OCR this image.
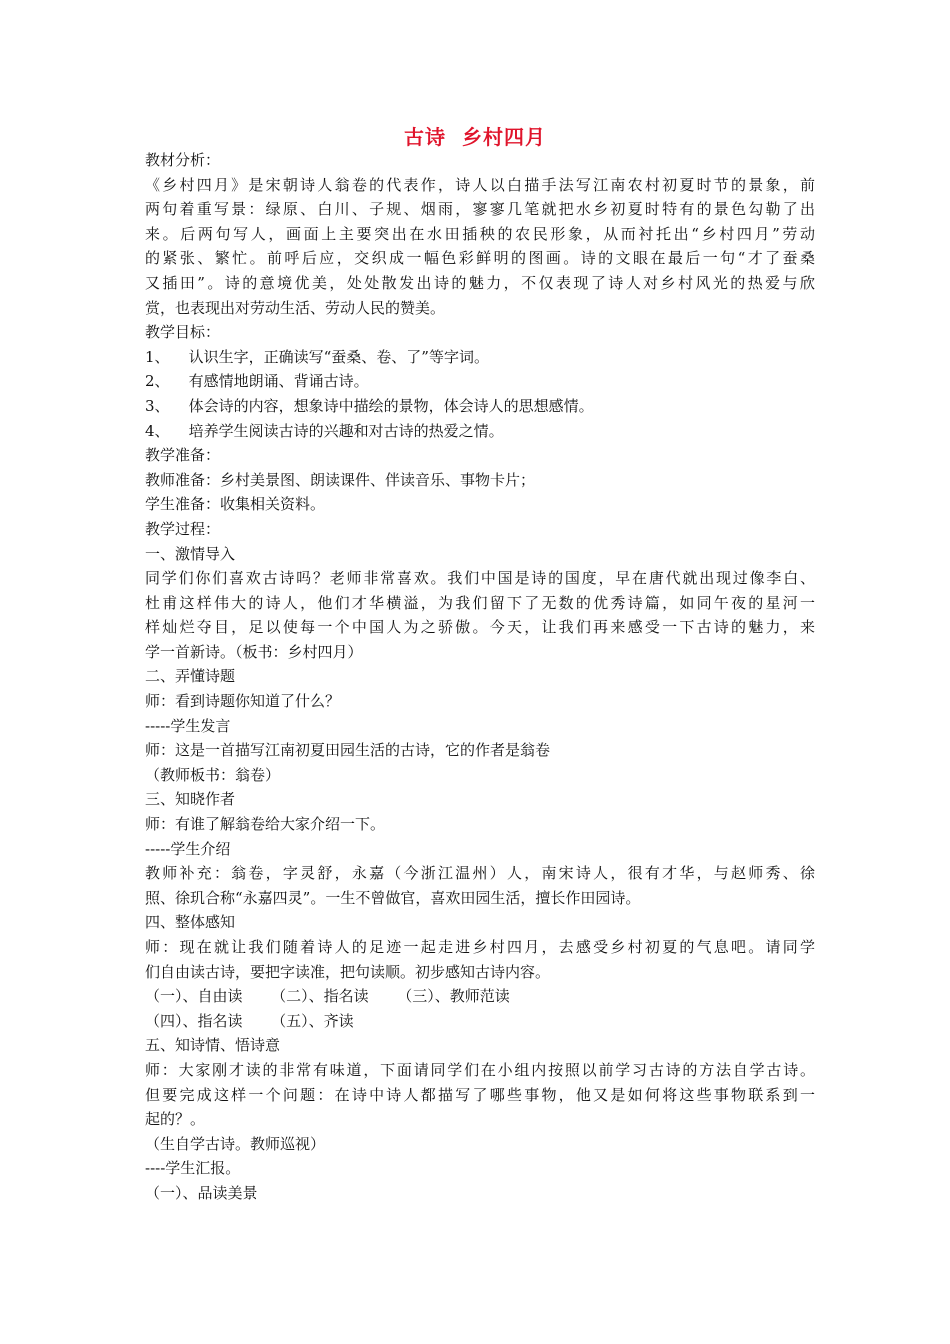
古诗  乡村四月
教材分析：
《乡村四月》是宋朝诗人翁卷的代表作，诗人以白描手法写江南农村初夏时节的景象，前
两句着重写景：绿原、白川、子规、烟雨，寥寥几笔就把水乡初夏时特有的景色勾勒了出
来。后两句写人，画面上主要突出在水田插秧的农民形象，从而衬托出“乡村四月”劳动
的紧张、繁忙。前呼后应，交织成一幅色彩鲜明的图画。诗的文眼在最后一句“才了蚕桑
又插田”。诗的意境优美，处处散发出诗的魅力，不仅表现了诗人对乡村风光的热爱与欣
赏，也表现出对劳动生活、劳动人民的赞美。
教学目标：
1、    认识生字，正确读写“蚕桑、卷、了”等字词。
2、    有感情地朗诵、背诵古诗。
3、    体会诗的内容，想象诗中描绘的景物，体会诗人的思想感情。
4、    培养学生阅读古诗的兴趣和对古诗的热爱之情。
教学准备：
教师准备：乡村美景图、朗读课件、伴读音乐、事物卡片；
学生准备：收集相关资料。
教学过程：
一、激情导入
同学们你们喜欢古诗吗？老师非常喜欢。我们中国是诗的国度，早在唐代就出现过像李白、
杜甫这样伟大的诗人，他们才华横溢，为我们留下了无数的优秀诗篇，如同午夜的星河一
样灿烂夺目，足以使每一个中国人为之骄傲。今天，让我们再来感受一下古诗的魅力，来
学一首新诗。（板书：乡村四月）
二、弄懂诗题
师：看到诗题你知道了什么？
-----学生发言
师：这是一首描写江南初夏田园生活的古诗，它的作者是翁卷
（教师板书：翁卷）
三、知晓作者
师：有谁了解翁卷给大家介绍一下。
-----学生介绍
教师补充：翁卷，字灵舒，永嘉（今浙江温州）人，南宋诗人，很有才华，与赵师秀、徐
照、徐玑合称“永嘉四灵”。一生不曾做官，喜欢田园生活，擅长作田园诗。
四、整体感知
师：现在就让我们随着诗人的足迹一起走进乡村四月，去感受乡村初夏的气息吧。请同学
们自由读古诗，要把字读准，把句读顺。初步感知古诗内容。
（一）、自由读      （二）、指名读      （三）、教师范读
（四）、指名读      （五）、齐读
五、知诗情、悟诗意
师：大家刚才读的非常有味道，下面请同学们在小组内按照以前学习古诗的方法自学古诗。
但要完成这样一个问题：在诗中诗人都描写了哪些事物，他又是如何将这些事物联系到一
起的？。
（生自学古诗。教师巡视）
----学生汇报。
（一）、品读美景
